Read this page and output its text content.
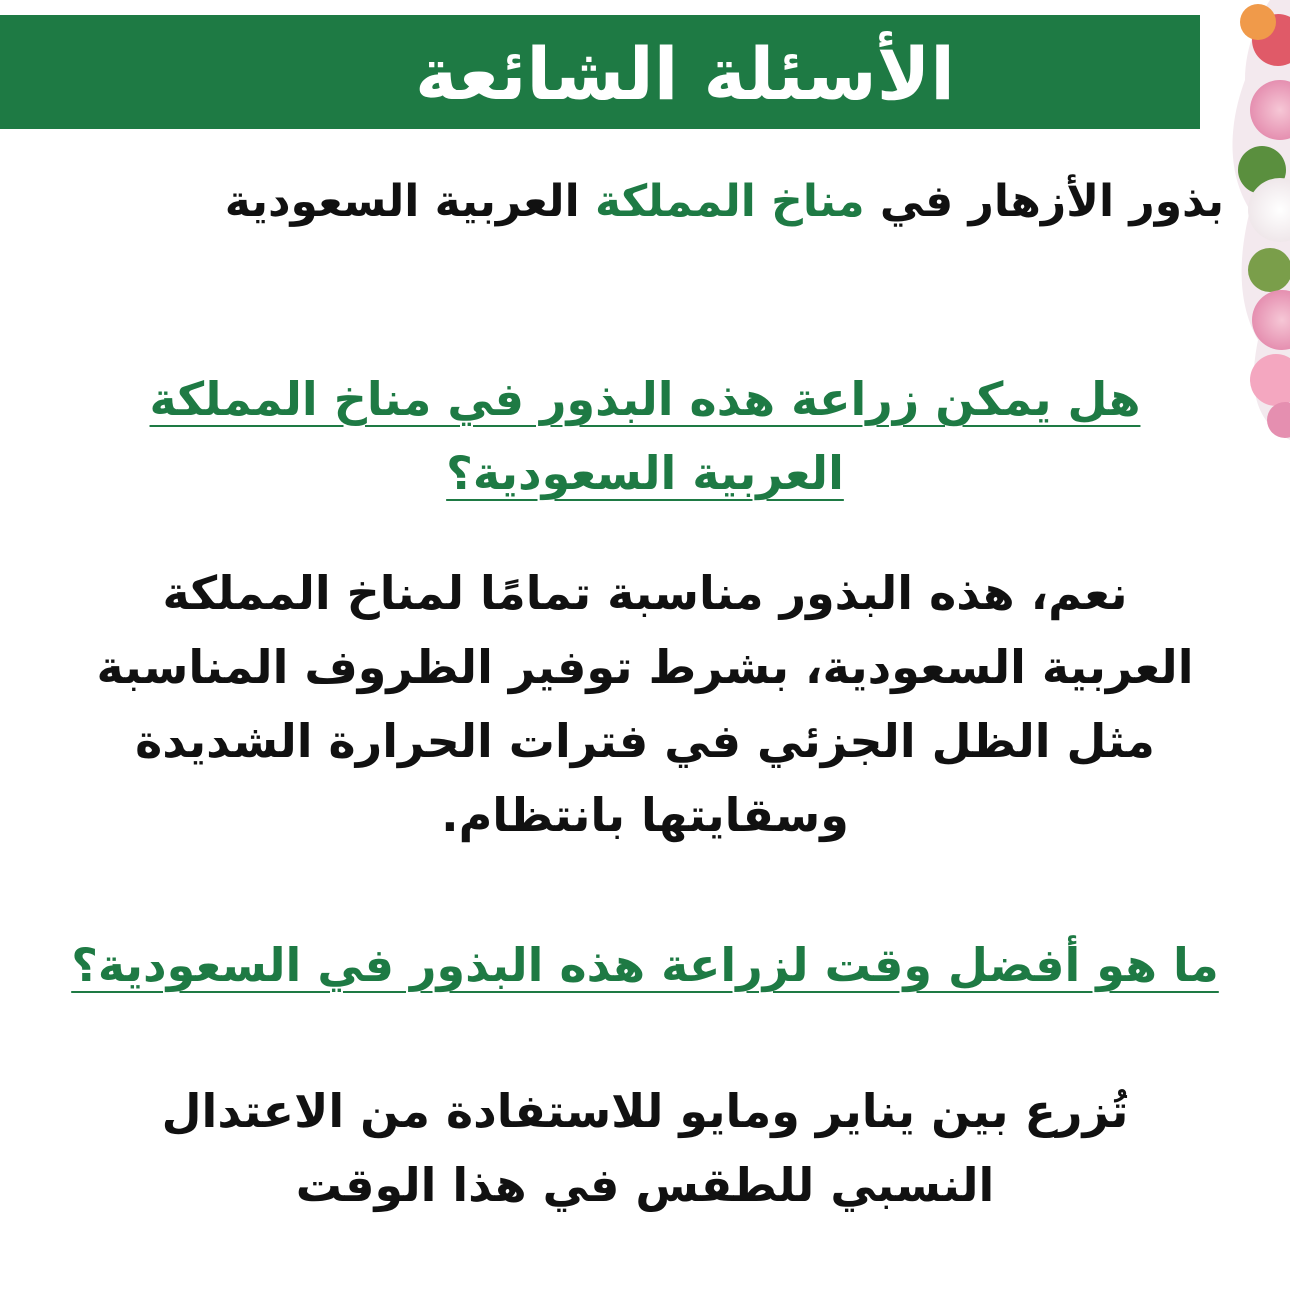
الأسئلة الشائعة

بذور الأزهار في مناخ المملكة العربية السعودية

هل يمكن زراعة هذه البذور في مناخ المملكة العربية السعودية؟

نعم، هذه البذور مناسبة تمامًا لمناخ المملكة العربية السعودية، بشرط توفير الظروف المناسبة مثل الظل الجزئي في فترات الحرارة الشديدة وسقايتها بانتظام.

ما هو أفضل وقت لزراعة هذه البذور في السعودية؟

تُزرع بين يناير ومايو للاستفادة من الاعتدال النسبي للطقس في هذا الوقت
